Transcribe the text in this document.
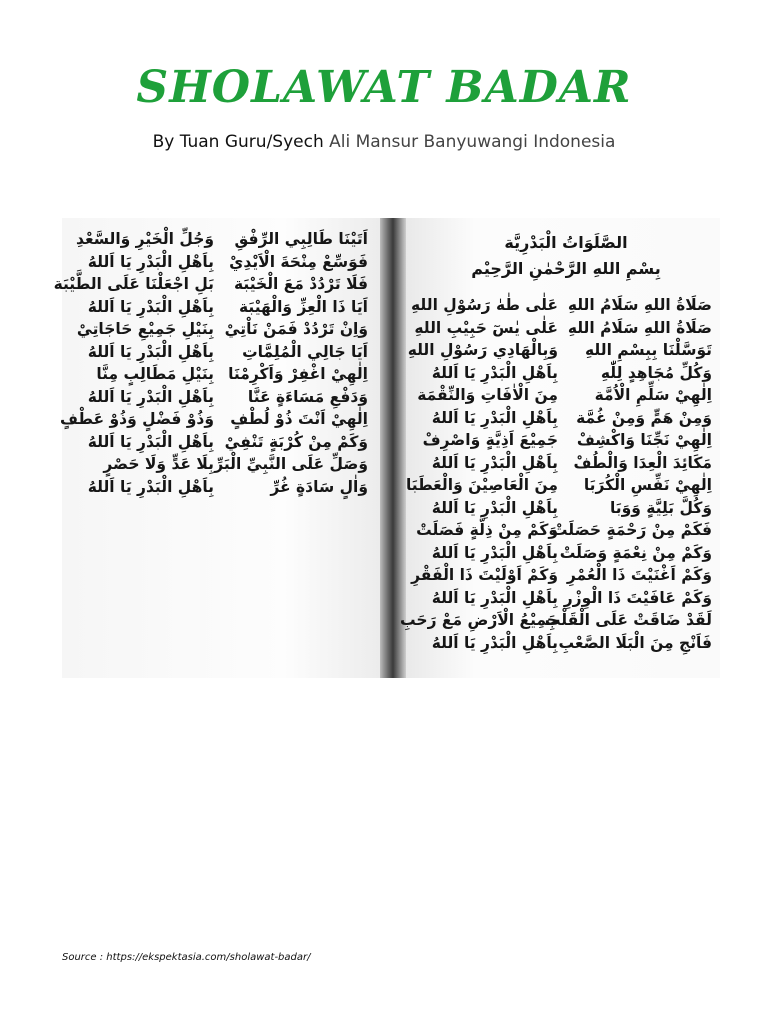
SHOLAWAT BADAR
By Tuan Guru/Syech Ali Mansur Banyuwangi Indonesia
اَتَيْنَا طَالِبِي الرِّفْقِ
فَوَسِّعْ مِنْحَةَ الْاَيْدِيْ
فَلَا تَرْدُدْ مَعَ الْخَيْبَة
اَيَا ذَا الْعِزِّ وَالْهَيْبَة
وَاِنْ تَرْدُدْ فَمَنْ نَاْتِيْ
اَيَا جَالِي الْمُلِمَّاتِ
اِلٰهِيْ اغْفِرْ وَاَكْرِمْنَا
وَدَفْعِ مَسَاءَةٍ عَنَّا
اِلٰهِيْ اَنْتَ ذُوْ لُطْفٍ
وَكَمْ مِنْ كُرْبَةٍ تَنْفِيْ
وَصَلِّ عَلَى النَّبِيِّ الْبَرِّ
وَاٰلٍ سَادَةٍ غُرِّ
وَجُلِّ الْخَيْرِ وَالسَّعْدِ
بِاَهْلِ الْبَدْرِ يَا اَللهُ
بَلِ اجْعَلْنَا عَلَى الطَّيْبَة
بِاَهْلِ الْبَدْرِ يَا اَللهُ
بِنَيْلِ جَمِيْعِ حَاجَاتِيْ
بِاَهْلِ الْبَدْرِ يَا اَللهُ
بِنَيْلِ مَطَالِبٍ مِنَّا
بِاَهْلِ الْبَدْرِ يَا اَللهُ
وَذُوْ فَضْلٍ وَذُوْ عَطْفٍ
بِاَهْلِ الْبَدْرِ يَا اَللهُ
بِلَا عَدٍّ وَلَا حَصْرٍ
بِاَهْلِ الْبَدْرِ يَا اَللهُ
الصَّلَوَاتُ الْبَدْرِيَّة
بِسْمِ اللهِ الرَّحْمٰنِ الرَّحِيْم
صَلَاةُ اللهِ سَلَامُ اللهِ
صَلَاةُ اللهِ سَلَامُ اللهِ
تَوَسَّلْنَا بِبِسْمِ اللهِ
وَكُلِّ مُجَاهِدٍ لِلّٰهِ
اِلٰهِيْ سَلِّمِ الْاُمَّة
وَمِنْ هَمٍّ وَمِنْ غُمَّة
اِلٰهِيْ نَجِّنَا وَاكْشِفْ
مَكَائِدَ الْعِدَا وَالْطُفْ
اِلٰهِيْ نَفِّسِ الْكُرَبَا
وَكُلَّ بَلِيَّةٍ وَوَبَا
فَكَمْ مِنْ رَحْمَةٍ حَصَلَتْ
وَكَمْ مِنْ نِعْمَةٍ وَصَلَتْ
وَكَمْ اَغْنَيْتَ ذَا الْعُمْرِ
وَكَمْ عَافَيْتَ ذَا الْوِزْرِ
لَقَدْ ضَاقَتْ عَلَى الْقَلْبِ
فَاَنْجِ مِنَ الْبَلَا الصَّعْبِ
عَلٰى طٰهٰ رَسُوْلِ اللهِ
عَلٰى يٰسٓ حَبِيْبِ اللهِ
وَبِالْهَادِي رَسُوْلِ اللهِ
بِاَهْلِ الْبَدْرِ يَا اَللهُ
مِنَ الْاٰفَاتِ وَالنِّقْمَة
بِاَهْلِ الْبَدْرِ يَا اَللهُ
جَمِيْعَ اَذِيَّةٍ وَاصْرِفْ
بِاَهْلِ الْبَدْرِ يَا اَللهُ
مِنَ الْعَاصِيْنَ وَالْعَطَبَا
بِاَهْلِ الْبَدْرِ يَا اَللهُ
وَكَمْ مِنْ ذِلَّةٍ فَصَلَتْ
بِاَهْلِ الْبَدْرِ يَا اَللهُ
وَكَمْ اَوْلَيْتَ ذَا الْفَقْرِ
بِاَهْلِ الْبَدْرِ يَا اَللهُ
جَمِيْعُ الْاَرْضِ مَعْ رَحَبِ
بِاَهْلِ الْبَدْرِ يَا اَللهُ
Source : https://ekspektasia.com/sholawat-badar/
